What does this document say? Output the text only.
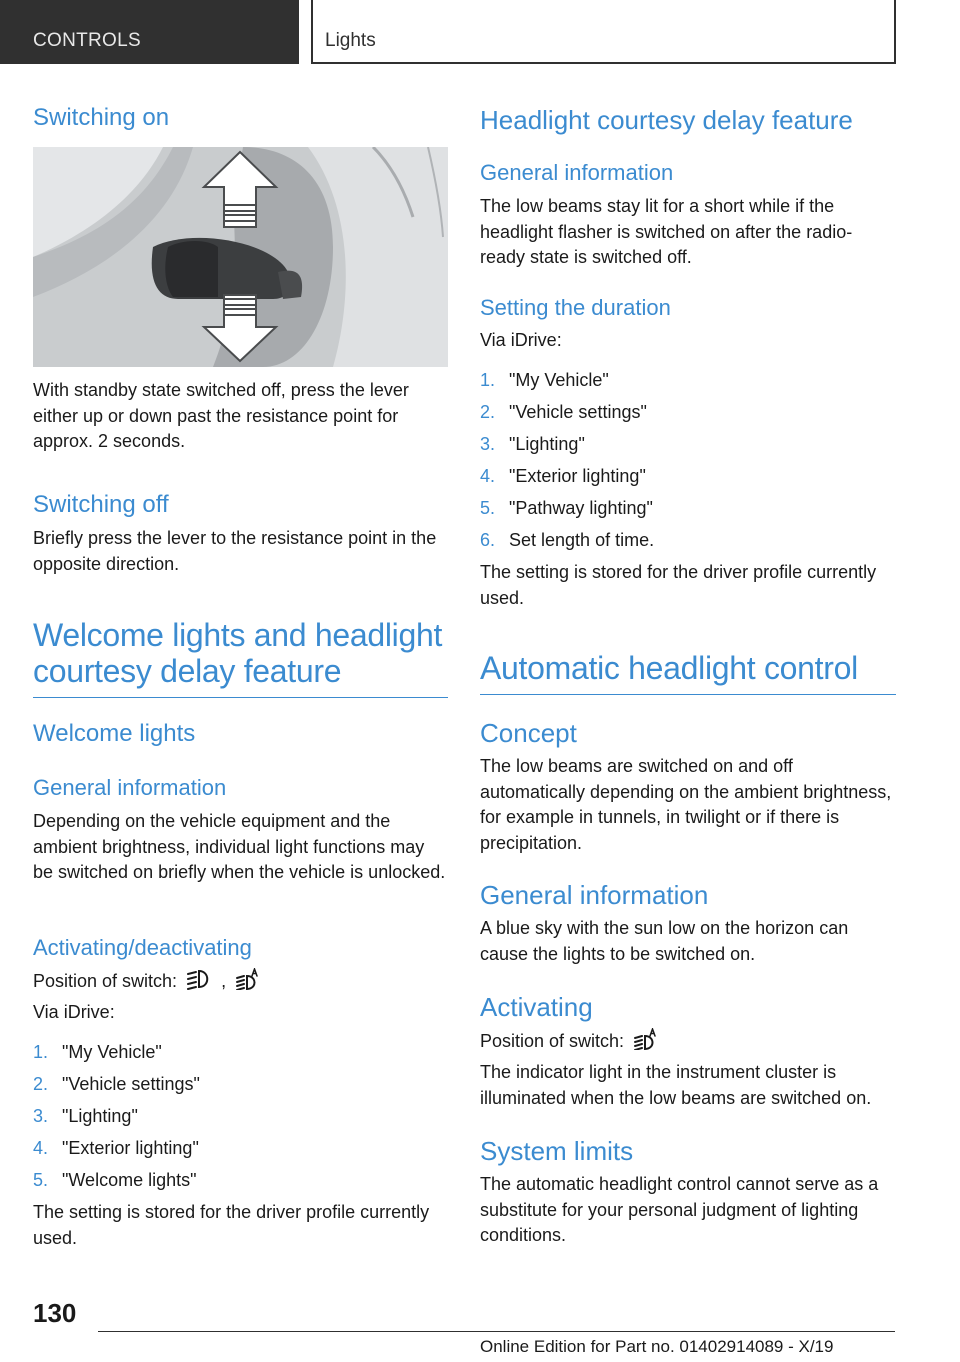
CONTROLS	Lights
Switching on
With standby state switched off, press the lever either up or down past the resistance point for approx. 2 seconds.
Switching off
Briefly press the lever to the resistance point in the opposite direction.
Welcome lights and headlight courtesy delay feature
Welcome lights
General information
Depending on the vehicle equipment and the ambient brightness, individual light functions may be switched on briefly when the vehicle is unlocked.
Activating/deactivating
Position of switch: ,
Via iDrive:
1. "My Vehicle"
2. "Vehicle settings"
3. "Lighting"
4. "Exterior lighting"
5. "Welcome lights"
The setting is stored for the driver profile currently used.
Headlight courtesy delay feature
General information
The low beams stay lit for a short while if the headlight flasher is switched on after the radio-ready state is switched off.
Setting the duration
Via iDrive:
1. "My Vehicle"
2. "Vehicle settings"
3. "Lighting"
4. "Exterior lighting"
5. "Pathway lighting"
6. Set length of time.
The setting is stored for the driver profile currently used.
Automatic headlight control
Concept
The low beams are switched on and off automatically depending on the ambient brightness, for example in tunnels, in twilight or if there is precipitation.
General information
A blue sky with the sun low on the horizon can cause the lights to be switched on.
Activating
Position of switch:
The indicator light in the instrument cluster is illuminated when the low beams are switched on.
System limits
The automatic headlight control cannot serve as a substitute for your personal judgment of lighting conditions.
130
Online Edition for Part no. 01402914089 - X/19
